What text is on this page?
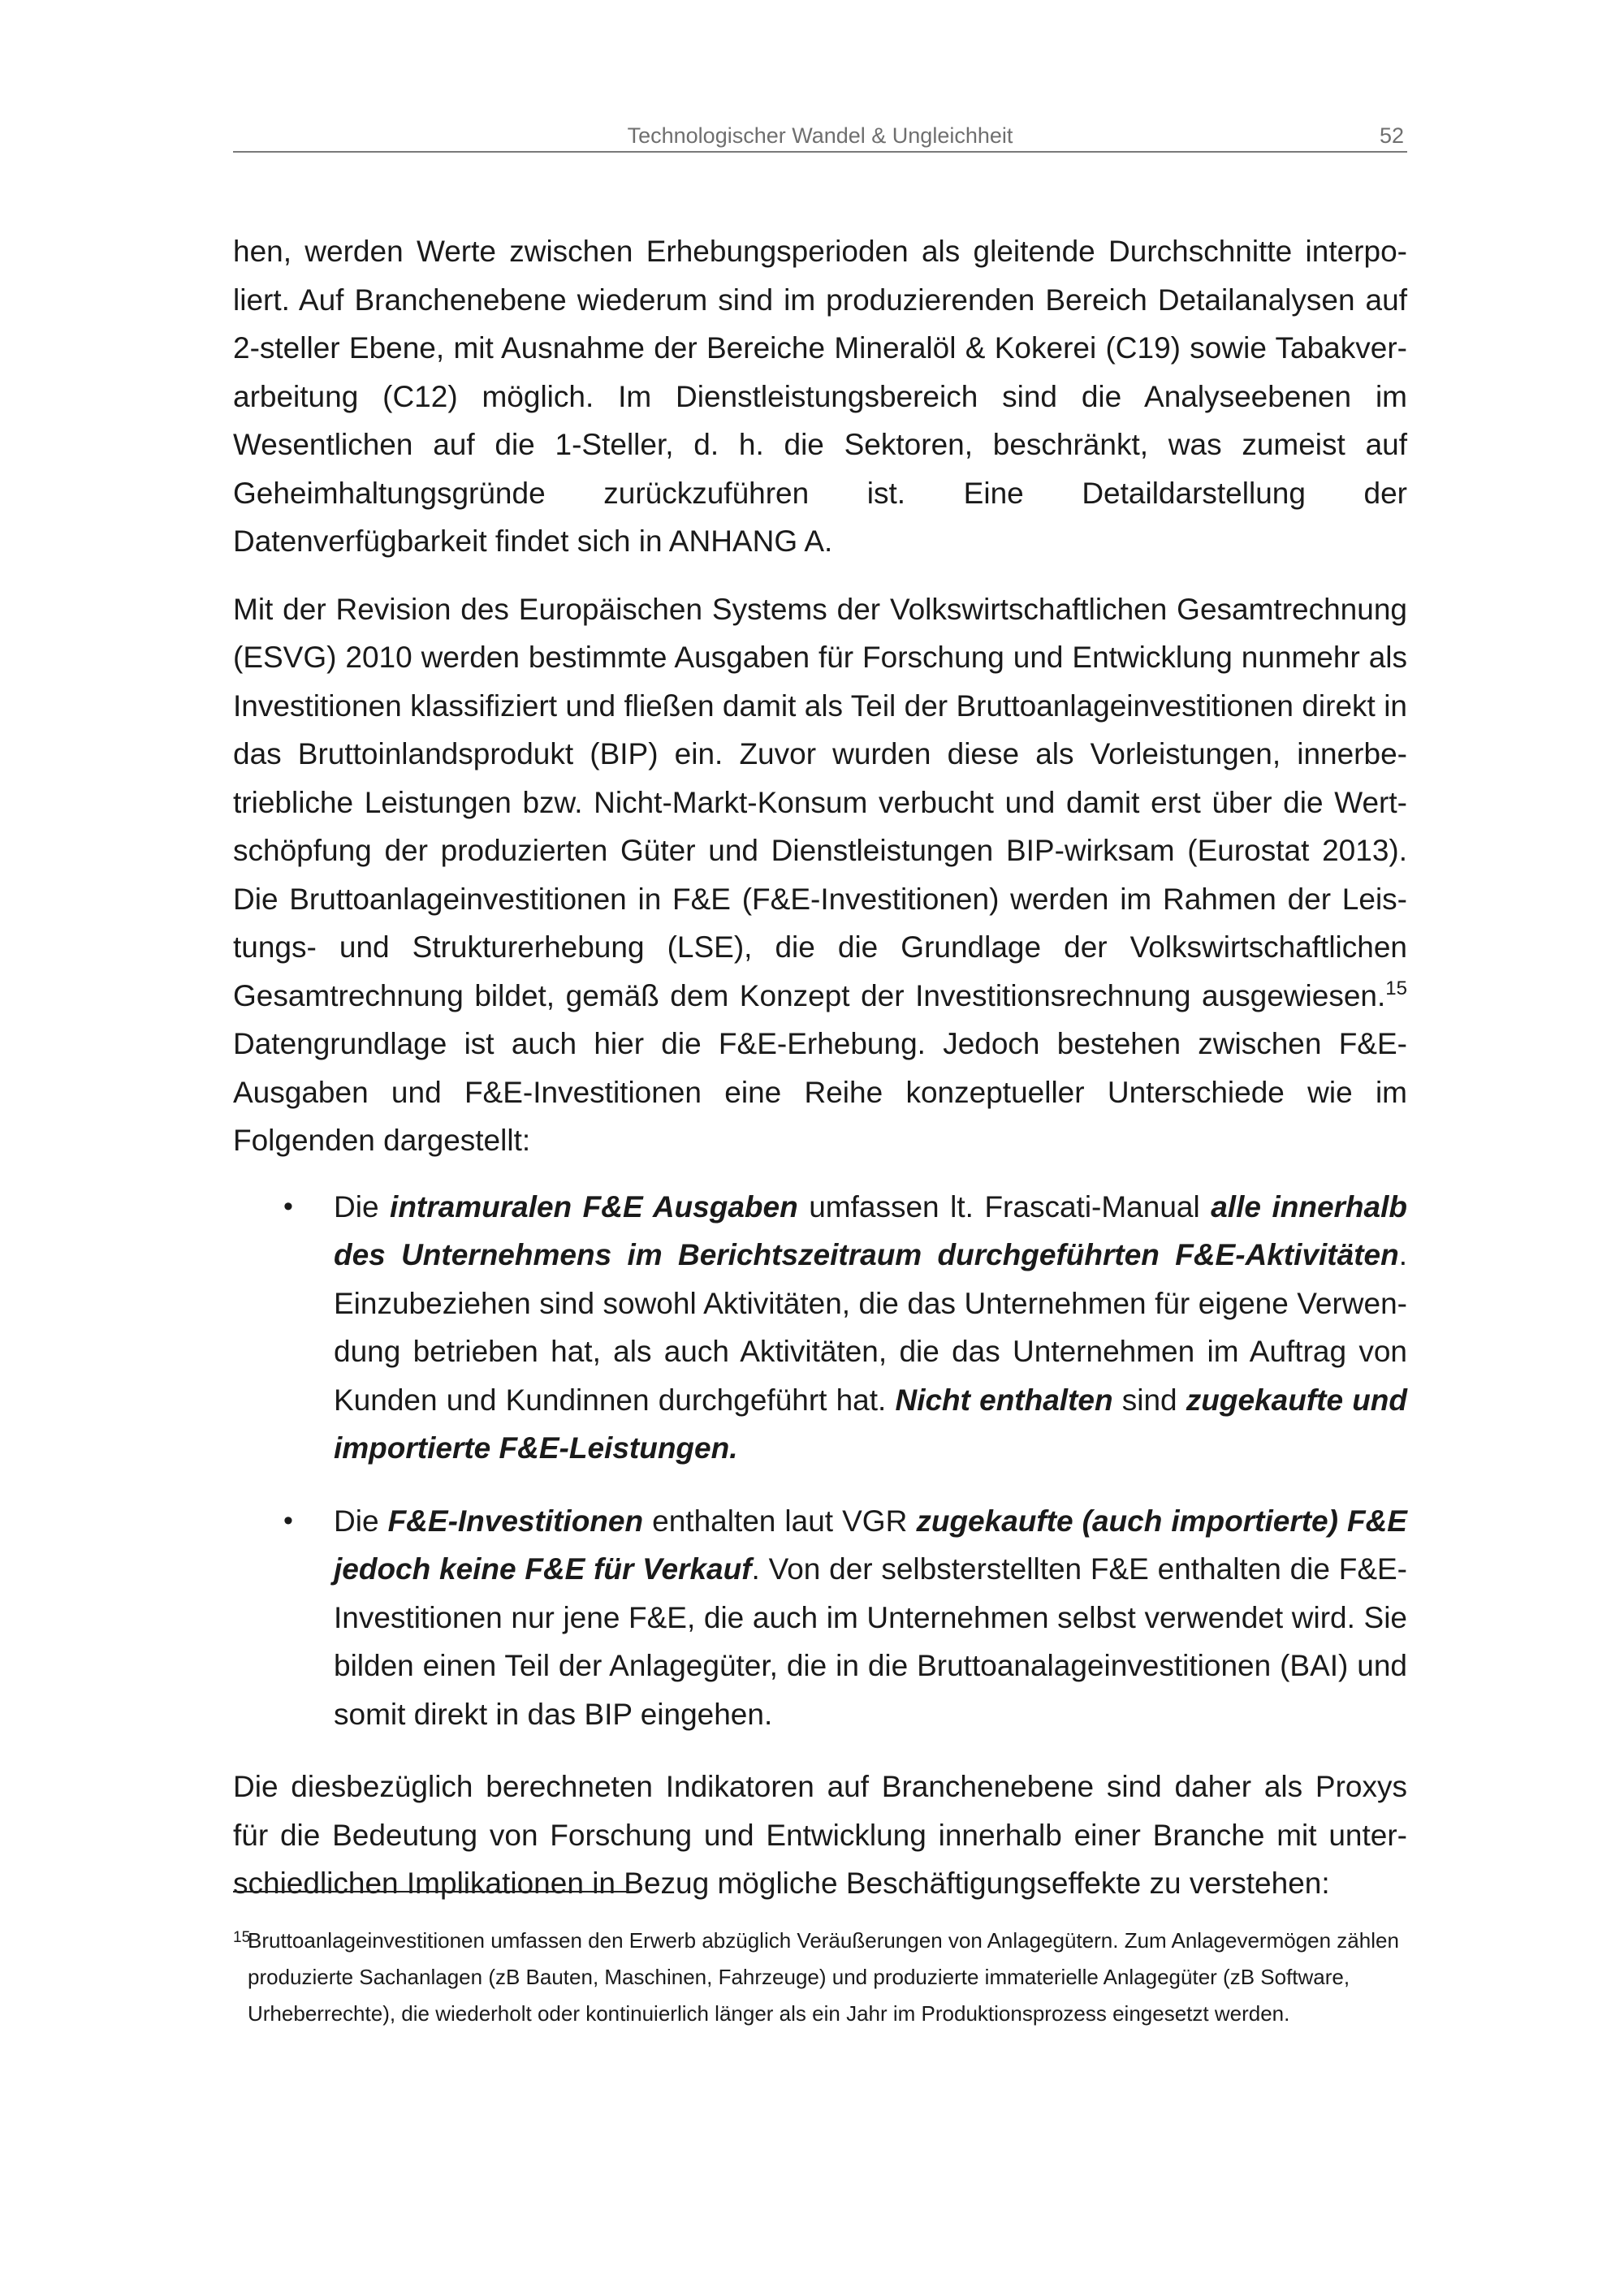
Technologischer Wandel & Ungleichheit	52

hen, werden Werte zwischen Erhebungsperioden als gleitende Durchschnitte interpoliert. Auf Branchenebene wiederum sind im produzierenden Bereich Detailanalysen auf 2-steller Ebene, mit Ausnahme der Bereiche Mineralöl & Kokerei (C19) sowie Tabakverarbeitung (C12) möglich. Im Dienstleistungsbereich sind die Analyseebenen im Wesentlichen auf die 1-Steller, d. h. die Sektoren, beschränkt, was zumeist auf Geheimhaltungsgründe zurückzuführen ist. Eine Detaildarstellung der Datenverfügbarkeit findet sich in ANHANG A.

Mit der Revision des Europäischen Systems der Volkswirtschaftlichen Gesamtrechnung (ESVG) 2010 werden bestimmte Ausgaben für Forschung und Entwicklung nunmehr als Investitionen klassifiziert und fließen damit als Teil der Bruttoanlageinvestitionen direkt in das Bruttoinlandsprodukt (BIP) ein. Zuvor wurden diese als Vorleistungen, innerbetriebliche Leistungen bzw. Nicht-Markt-Konsum verbucht und damit erst über die Wertschöpfung der produzierten Güter und Dienstleistungen BIP-wirksam (Eurostat 2013). Die Bruttoanlageinvestitionen in F&E (F&E-Investitionen) werden im Rahmen der Leistungs- und Strukturerhebung (LSE), die die Grundlage der Volkswirtschaftlichen Gesamtrechnung bildet, gemäß dem Konzept der Investitionsrechnung ausgewiesen.$^{15}$ Datengrundlage ist auch hier die F&E-Erhebung. Jedoch bestehen zwischen F&E-Ausgaben und F&E-Investitionen eine Reihe konzeptueller Unterschiede wie im Folgenden dargestellt:

• Die intramuralen F&E Ausgaben umfassen lt. Frascati-Manual alle innerhalb des Unternehmens im Berichtszeitraum durchgeführten F&E-Aktivitäten. Einzubeziehen sind sowohl Aktivitäten, die das Unternehmen für eigene Verwendung betrieben hat, als auch Aktivitäten, die das Unternehmen im Auftrag von Kunden und Kundinnen durchgeführt hat. Nicht enthalten sind zugekaufte und importierte F&E-Leistungen.
• Die F&E-Investitionen enthalten laut VGR zugekaufte (auch importierte) F&E jedoch keine F&E für Verkauf. Von der selbsterstellten F&E enthalten die F&E-Investitionen nur jene F&E, die auch im Unternehmen selbst verwendet wird. Sie bilden einen Teil der Anlagegüter, die in die Bruttoanalageinvestitionen (BAI) und somit direkt in das BIP eingehen.

Die diesbezüglich berechneten Indikatoren auf Branchenebene sind daher als Proxys für die Bedeutung von Forschung und Entwicklung innerhalb einer Branche mit unterschiedlichen Implikationen in Bezug mögliche Beschäftigungseffekte zu verstehen:

15
Bruttoanlageinvestitionen umfassen den Erwerb abzüglich Veräußerungen von Anlagegütern. Zum Anlagevermögen zählen produzierte Sachanlagen (zB Bauten, Maschinen, Fahrzeuge) und produzierte immaterielle Anlagegüter (zB Software, Urheberrechte), die wiederholt oder kontinuierlich länger als ein Jahr im Produktionsprozess eingesetzt werden.
